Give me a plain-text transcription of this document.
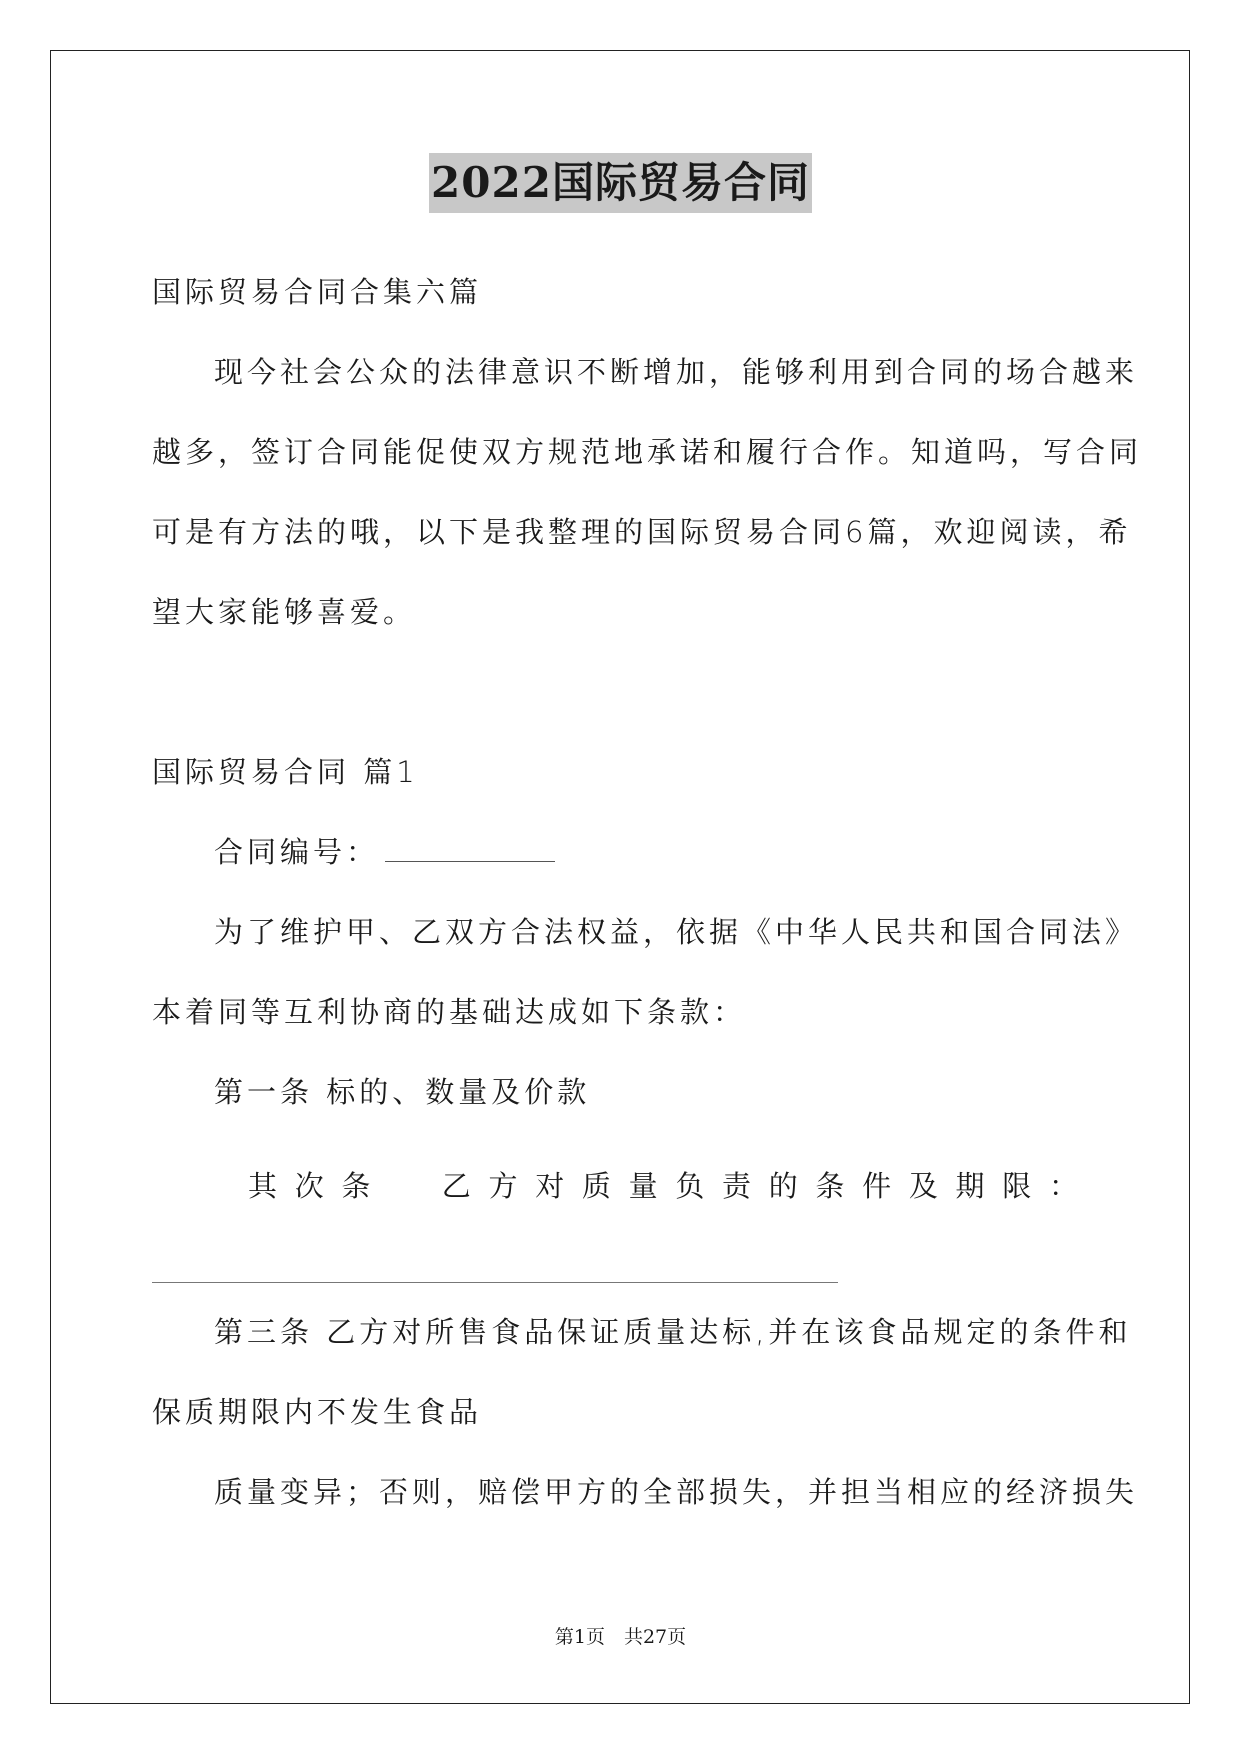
2022国际贸易合同
国际贸易合同合集六篇
现今社会公众的法律意识不断增加，能够利用到合同的场合越来
越多，签订合同能促使双方规范地承诺和履行合作。知道吗，写合同
可是有方法的哦，以下是我整理的国际贸易合同6篇，欢迎阅读，希
望大家能够喜爱。
国际贸易合同 篇1
合同编号：
为了维护甲、乙双方合法权益，依据《中华人民共和国合同法》
本着同等互利协商的基础达成如下条款：
第一条 标的、数量及价款
其 次 条 乙 方 对 质 量 负 责 的 条 件 及 期 限 ：
第三条 乙方对所售食品保证质量达标,并在该食品规定的条件和
保质期限内不发生食品
质量变异；否则，赔偿甲方的全部损失，并担当相应的经济损失
第1页　共27页
